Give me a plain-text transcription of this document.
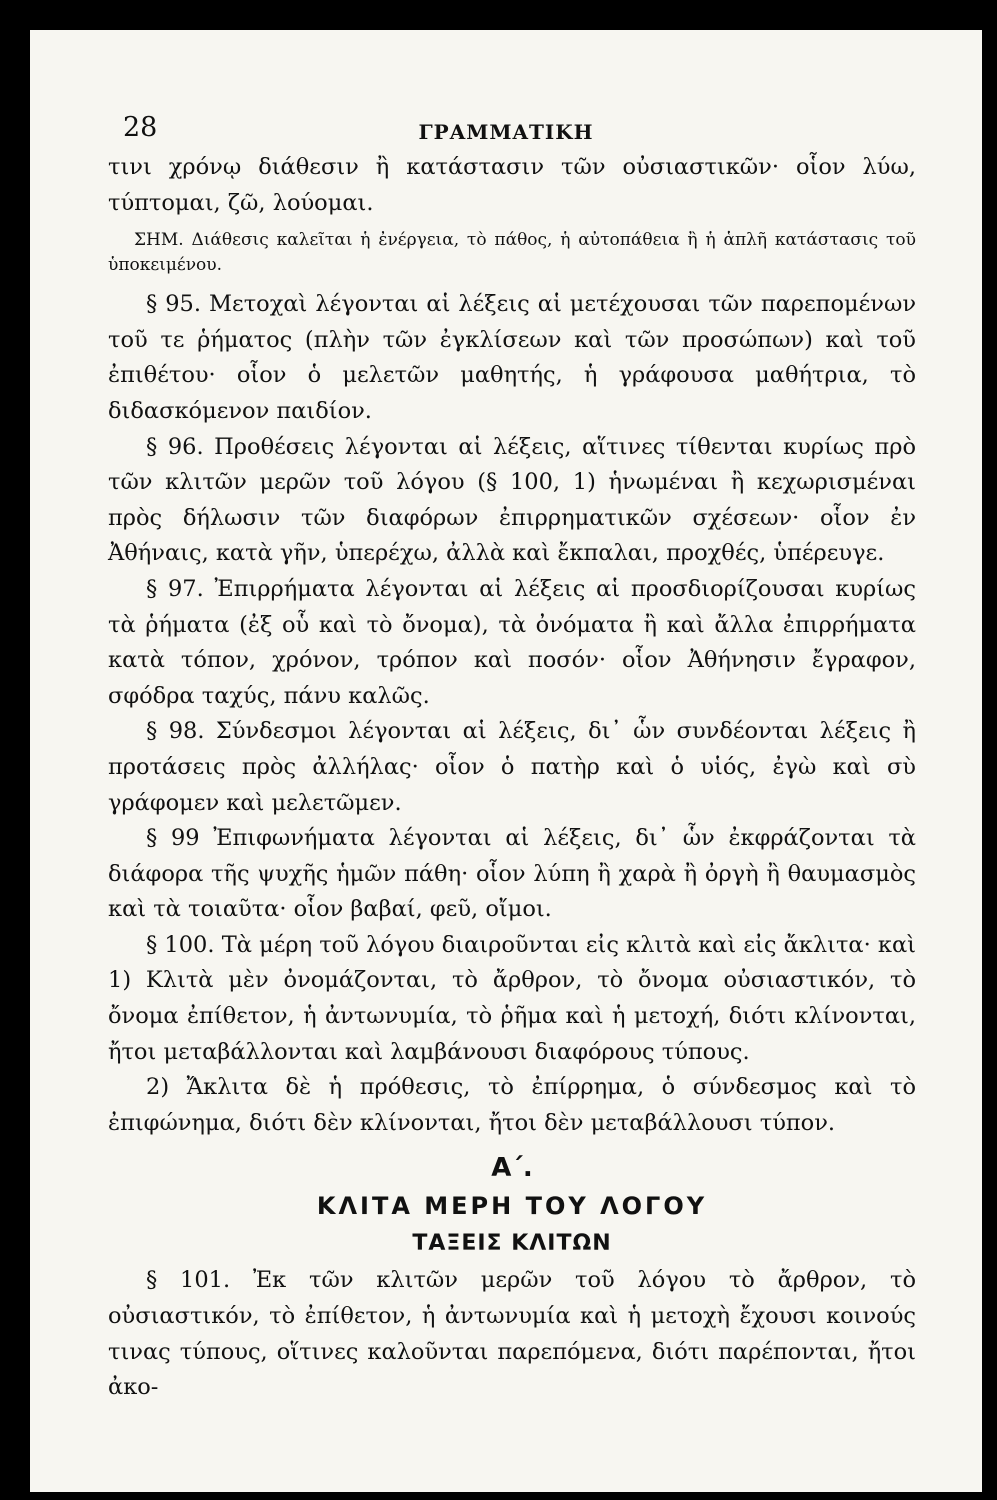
28	ΓΡΑΜΜΑΤΙΚΗ

τινι χρόνῳ διάθεσιν ἢ κατάστασιν τῶν οὐσιαστικῶν· οἷον λύω, τύπτομαι, ζῶ, λούομαι.

ΣΗΜ. Διάθεσις καλεῖται ἡ ἐνέργεια, τὸ πάθος, ἡ αὐτοπάθεια ἢ ἡ ἁπλῆ κατάστασις τοῦ ὑποκειμένου.

§ 95. Μετοχαὶ λέγονται αἱ λέξεις αἱ μετέχουσαι τῶν παρεπομένων τοῦ τε ῥήματος (πλὴν τῶν ἐγκλίσεων καὶ τῶν προσώπων) καὶ τοῦ ἐπιθέτου· οἷον ὁ μελετῶν μαθητής, ἡ γράφουσα μαθήτρια, τὸ διδασκόμενον παιδίον.

§ 96. Προθέσεις λέγονται αἱ λέξεις, αἵτινες τίθενται κυρίως πρὸ τῶν κλιτῶν μερῶν τοῦ λόγου (§ 100, 1) ἡνωμέναι ἢ κεχωρισμέναι πρὸς δήλωσιν τῶν διαφόρων ἐπιρρηματικῶν σχέσεων· οἷον ἐν Ἀθήναις, κατὰ γῆν, ὑπερέχω, ἀλλὰ καὶ ἔκπαλαι, προχθές, ὑπέρευγε.

§ 97. Ἐπιρρήματα λέγονται αἱ λέξεις αἱ προσδιορίζουσαι κυρίως τὰ ῥήματα (ἐξ οὗ καὶ τὸ ὄνομα), τὰ ὀνόματα ἢ καὶ ἄλλα ἐπιρρήματα κατὰ τόπον, χρόνον, τρόπον καὶ ποσόν· οἷον Ἀθήνησιν ἔγραφον, σφόδρα ταχύς, πάνυ καλῶς.

§ 98. Σύνδεσμοι λέγονται αἱ λέξεις, δι᾽ ὧν συνδέονται λέξεις ἢ προτάσεις πρὸς ἀλλήλας· οἷον ὁ πατὴρ καὶ ὁ υἱός, ἐγὼ καὶ σὺ γράφομεν καὶ μελετῶμεν.

§ 99 Ἐπιφωνήματα λέγονται αἱ λέξεις, δι᾽ ὧν ἐκφράζονται τὰ διάφορα τῆς ψυχῆς ἡμῶν πάθη· οἷον λύπη ἢ χαρὰ ἢ ὀργὴ ἢ θαυμασμὸς καὶ τὰ τοιαῦτα· οἷον βαβαί, φεῦ, οἴμοι.

§ 100. Τὰ μέρη τοῦ λόγου διαιροῦνται εἰς κλιτὰ καὶ εἰς ἄκλιτα· καὶ 1) Κλιτὰ μὲν ὀνομάζονται, τὸ ἄρθρον, τὸ ὄνομα οὐσιαστικόν, τὸ ὄνομα ἐπίθετον, ἡ ἀντωνυμία, τὸ ῥῆμα καὶ ἡ μετοχή, διότι κλίνονται, ἤτοι μεταβάλλονται καὶ λαμβάνουσι διαφόρους τύπους.

2) Ἄκλιτα δὲ ἡ πρόθεσις, τὸ ἐπίρρημα, ὁ σύνδεσμος καὶ τὸ ἐπιφώνημα, διότι δὲν κλίνονται, ἤτοι δὲν μεταβάλλουσι τύπον.

Α΄.
ΚΛΙΤΑ ΜΕΡΗ ΤΟΥ ΛΟΓΟΥ
ΤΑΞΕΙΣ ΚΛΙΤΩΝ

§ 101. Ἐκ τῶν κλιτῶν μερῶν τοῦ λόγου τὸ ἄρθρον, τὸ οὐσιαστικόν, τὸ ἐπίθετον, ἡ ἀντωνυμία καὶ ἡ μετοχὴ ἔχουσι κοινούς τινας τύπους, οἵτινες καλοῦνται παρεπόμενα, διότι παρέπονται, ἤτοι ἀκο-
